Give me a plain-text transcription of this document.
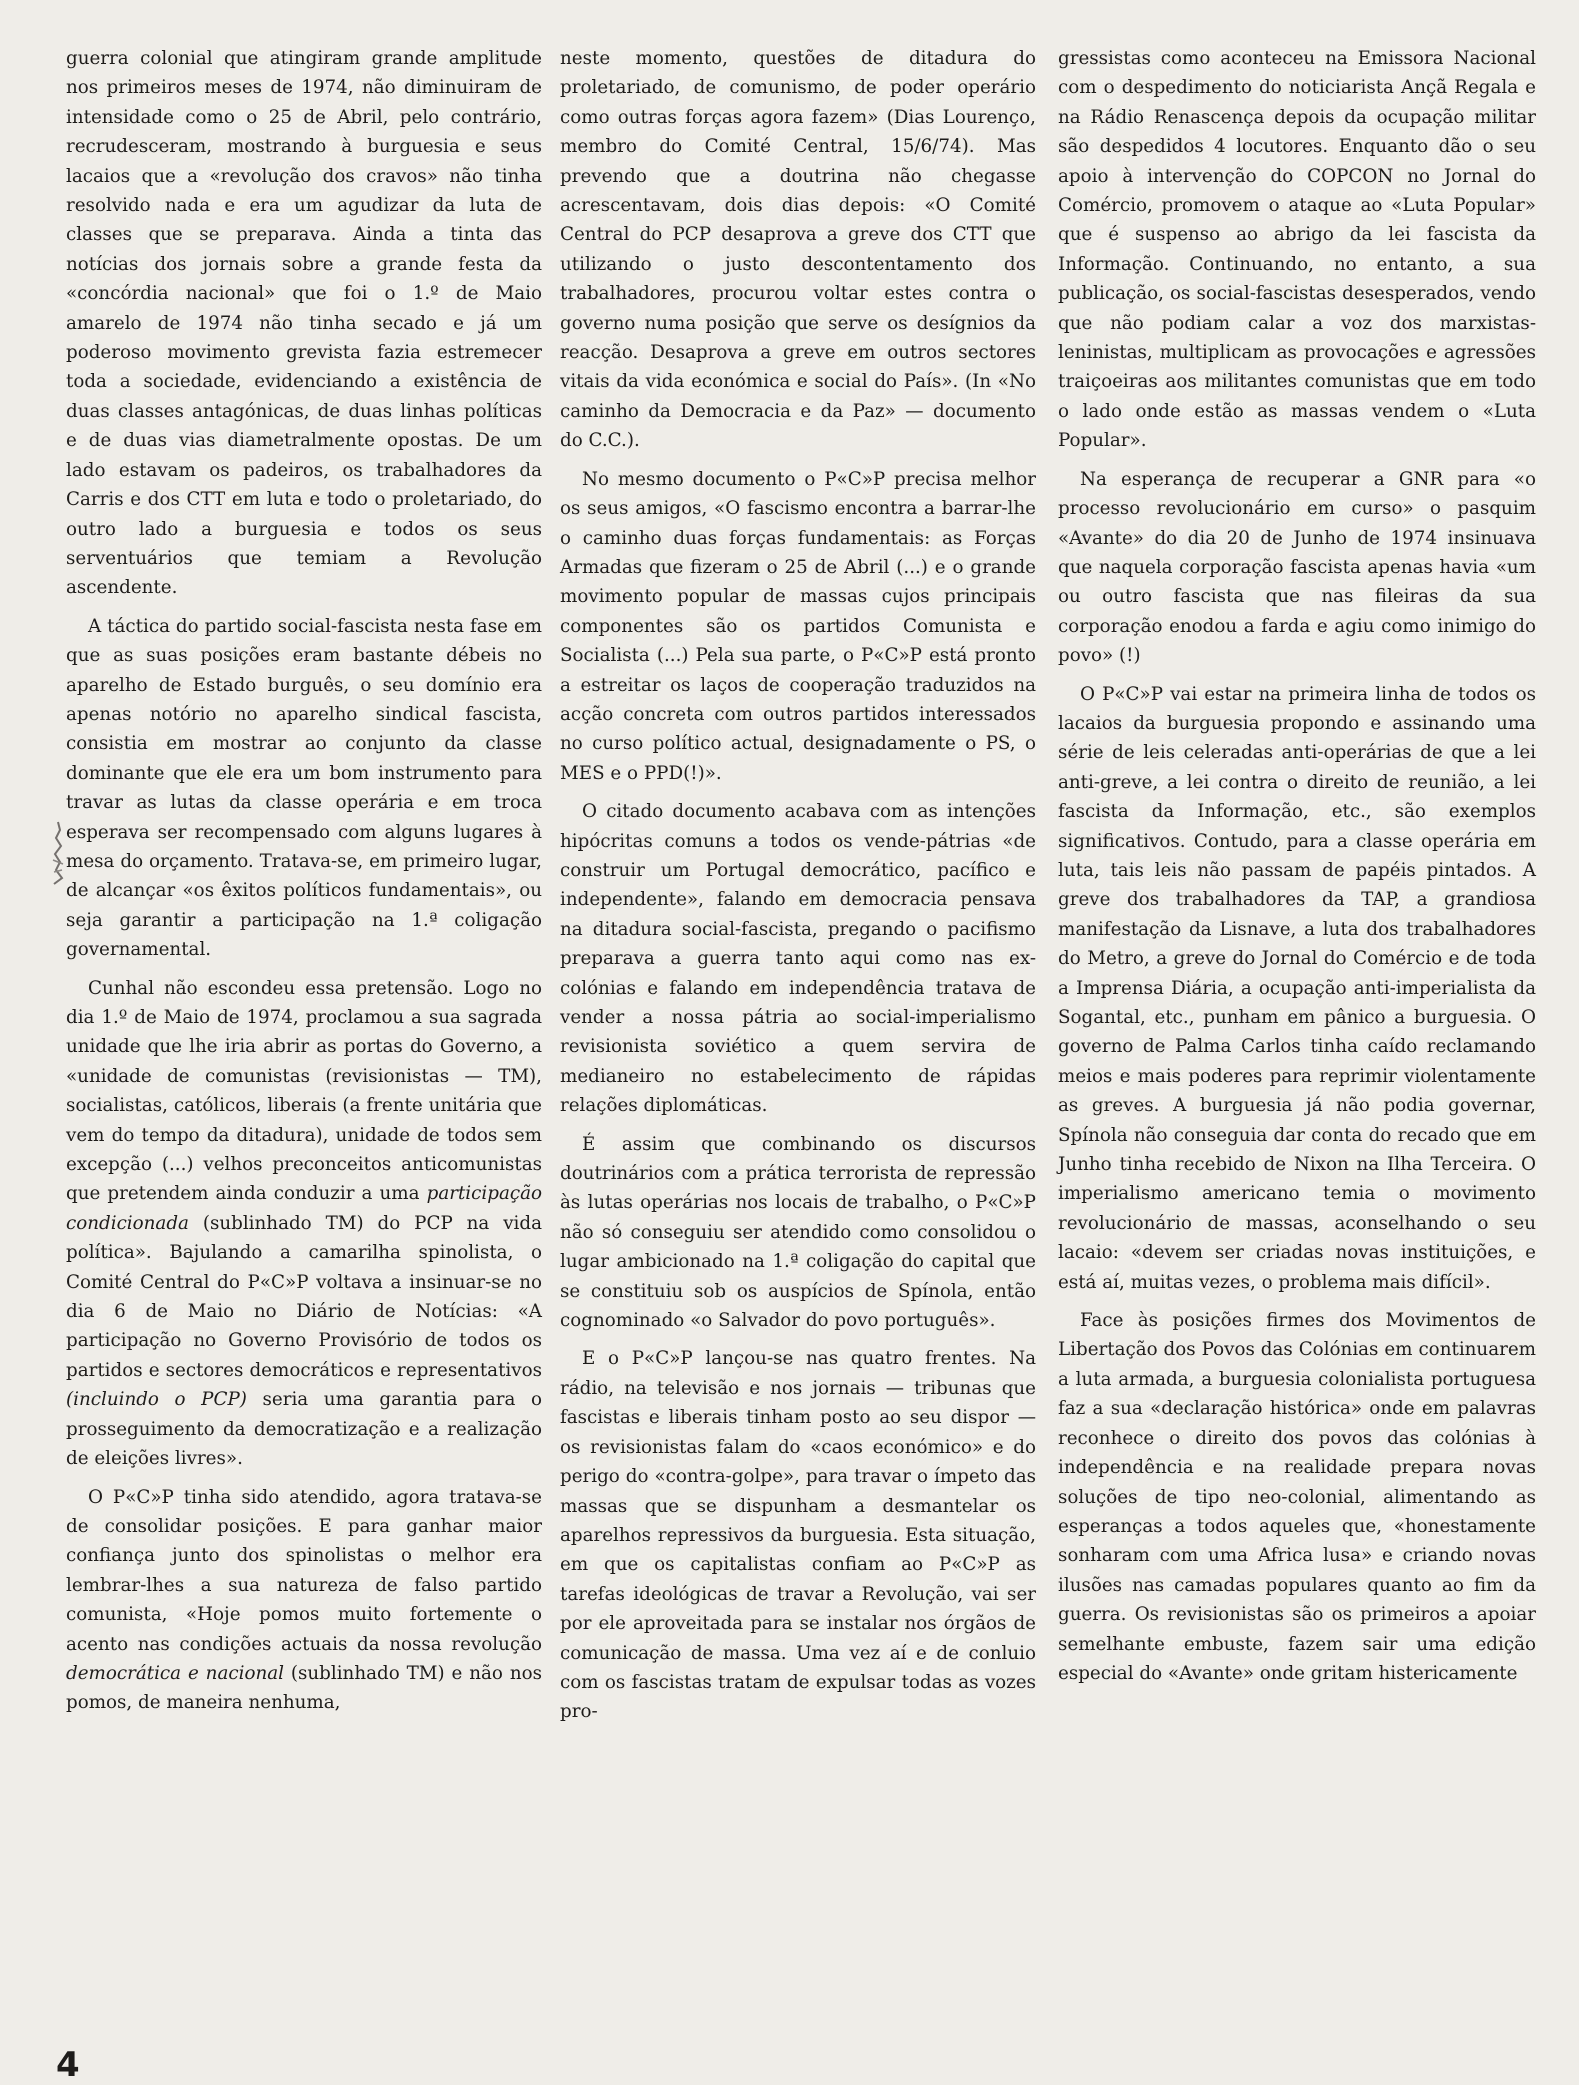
guerra colonial que atingiram grande amplitude nos primeiros meses de 1974, não diminuiram de intensidade como o 25 de Abril, pelo contrário, recrudesceram, mostrando à burguesia e seus lacaios que a «revolução dos cravos» não tinha resolvido nada e era um agudizar da luta de classes que se preparava. Ainda a tinta das notícias dos jornais sobre a grande festa da «concórdia nacional» que foi o 1.º de Maio amarelo de 1974 não tinha secado e já um poderoso movimento grevista fazia estremecer toda a sociedade, evidenciando a existência de duas classes antagónicas, de duas linhas políticas e de duas vias diametralmente opostas. De um lado estavam os padeiros, os trabalhadores da Carris e dos CTT em luta e todo o proletariado, do outro lado a burguesia e todos os seus serventuários que temiam a Revolução ascendente.

A táctica do partido social-fascista nesta fase em que as suas posições eram bastante débeis no aparelho de Estado burguês, o seu domínio era apenas notório no aparelho sindical fascista, consistia em mostrar ao conjunto da classe dominante que ele era um bom instrumento para travar as lutas da classe operária e em troca esperava ser recompensado com alguns lugares à mesa do orçamento. Tratava-se, em primeiro lugar, de alcançar «os êxitos políticos fundamentais», ou seja garantir a participação na 1.ª coligação governamental.

Cunhal não escondeu essa pretensão. Logo no dia 1.º de Maio de 1974, proclamou a sua sagrada unidade que lhe iria abrir as portas do Governo, a «unidade de comunistas (revisionistas — TM), socialistas, católicos, liberais (a frente unitária que vem do tempo da ditadura), unidade de todos sem excepção (...) velhos preconceitos anticomunistas que pretendem ainda conduzir a uma participação condicionada (sublinhado TM) do PCP na vida política». Bajulando a camarilha spinolista, o Comité Central do P«C»P voltava a insinuar-se no dia 6 de Maio no Diário de Notícias: «A participação no Governo Provisório de todos os partidos e sectores democráticos e representativos (incluindo o PCP) seria uma garantia para o prosseguimento da democratização e a realização de eleições livres».

O P«C»P tinha sido atendido, agora tratava-se de consolidar posições. E para ganhar maior confiança junto dos spinolistas o melhor era lembrar-lhes a sua natureza de falso partido comunista, «Hoje pomos muito fortemente o acento nas condições actuais da nossa revolução democrática e nacional (sublinhado TM) e não nos pomos, de maneira nenhuma,

neste momento, questões de ditadura do proletariado, de comunismo, de poder operário como outras forças agora fazem» (Dias Lourenço, membro do Comité Central, 15/6/74). Mas prevendo que a doutrina não chegasse acrescentavam, dois dias depois: «O Comité Central do PCP desaprova a greve dos CTT que utilizando o justo descontentamento dos trabalhadores, procurou voltar estes contra o governo numa posição que serve os desígnios da reacção. Desaprova a greve em outros sectores vitais da vida económica e social do País». (In «No caminho da Democracia e da Paz» — documento do C.C.).

No mesmo documento o P«C»P precisa melhor os seus amigos, «O fascismo encontra a barrar-lhe o caminho duas forças fundamentais: as Forças Armadas que fizeram o 25 de Abril (...) e o grande movimento popular de massas cujos principais componentes são os partidos Comunista e Socialista (...) Pela sua parte, o P«C»P está pronto a estreitar os laços de cooperação traduzidos na acção concreta com outros partidos interessados no curso político actual, designadamente o PS, o MES e o PPD(!)».

O citado documento acabava com as intenções hipócritas comuns a todos os vende-pátrias «de construir um Portugal democrático, pacífico e independente», falando em democracia pensava na ditadura social-fascista, pregando o pacifismo preparava a guerra tanto aqui como nas ex-colónias e falando em independência tratava de vender a nossa pátria ao social-imperialismo revisionista soviético a quem servira de medianeiro no estabelecimento de rápidas relações diplomáticas.

É assim que combinando os discursos doutrinários com a prática terrorista de repressão às lutas operárias nos locais de trabalho, o P«C»P não só conseguiu ser atendido como consolidou o lugar ambicionado na 1.ª coligação do capital que se constituiu sob os auspícios de Spínola, então cognominado «o Salvador do povo português».

E o P«C»P lançou-se nas quatro frentes. Na rádio, na televisão e nos jornais — tribunas que fascistas e liberais tinham posto ao seu dispor — os revisionistas falam do «caos económico» e do perigo do «contra-golpe», para travar o ímpeto das massas que se dispunham a desmantelar os aparelhos repressivos da burguesia. Esta situação, em que os capitalistas confiam ao P«C»P as tarefas ideológicas de travar a Revolução, vai ser por ele aproveitada para se instalar nos órgãos de comunicação de massa. Uma vez aí e de conluio com os fascistas tratam de expulsar todas as vozes pro-

gressistas como aconteceu na Emissora Nacional com o despedimento do noticiarista Ançã Regala e na Rádio Renascença depois da ocupação militar são despedidos 4 locutores. Enquanto dão o seu apoio à intervenção do COPCON no Jornal do Comércio, promovem o ataque ao «Luta Popular» que é suspenso ao abrigo da lei fascista da Informação. Continuando, no entanto, a sua publicação, os social-fascistas desesperados, vendo que não podiam calar a voz dos marxistas-leninistas, multiplicam as provocações e agressões traiçoeiras aos militantes comunistas que em todo o lado onde estão as massas vendem o «Luta Popular».

Na esperança de recuperar a GNR para «o processo revolucionário em curso» o pasquim «Avante» do dia 20 de Junho de 1974 insinuava que naquela corporação fascista apenas havia «um ou outro fascista que nas fileiras da sua corporação enodou a farda e agiu como inimigo do povo» (!)

O P«C»P vai estar na primeira linha de todos os lacaios da burguesia propondo e assinando uma série de leis celeradas anti-operárias de que a lei anti-greve, a lei contra o direito de reunião, a lei fascista da Informação, etc., são exemplos significativos. Contudo, para a classe operária em luta, tais leis não passam de papéis pintados. A greve dos trabalhadores da TAP, a grandiosa manifestação da Lisnave, a luta dos trabalhadores do Metro, a greve do Jornal do Comércio e de toda a Imprensa Diária, a ocupação anti-imperialista da Sogantal, etc., punham em pânico a burguesia. O governo de Palma Carlos tinha caído reclamando meios e mais poderes para reprimir violentamente as greves. A burguesia já não podia governar, Spínola não conseguia dar conta do recado que em Junho tinha recebido de Nixon na Ilha Terceira. O imperialismo americano temia o movimento revolucionário de massas, aconselhando o seu lacaio: «devem ser criadas novas instituições, e está aí, muitas vezes, o problema mais difícil».

Face às posições firmes dos Movimentos de Libertação dos Povos das Colónias em continuarem a luta armada, a burguesia colonialista portuguesa faz a sua «declaração histórica» onde em palavras reconhece o direito dos povos das colónias à independência e na realidade prepara novas soluções de tipo neo-colonial, alimentando as esperanças a todos aqueles que, «honestamente sonharam com uma Africa lusa» e criando novas ilusões nas camadas populares quanto ao fim da guerra. Os revisionistas são os primeiros a apoiar semelhante embuste, fazem sair uma edição especial do «Avante» onde gritam histericamente

4
